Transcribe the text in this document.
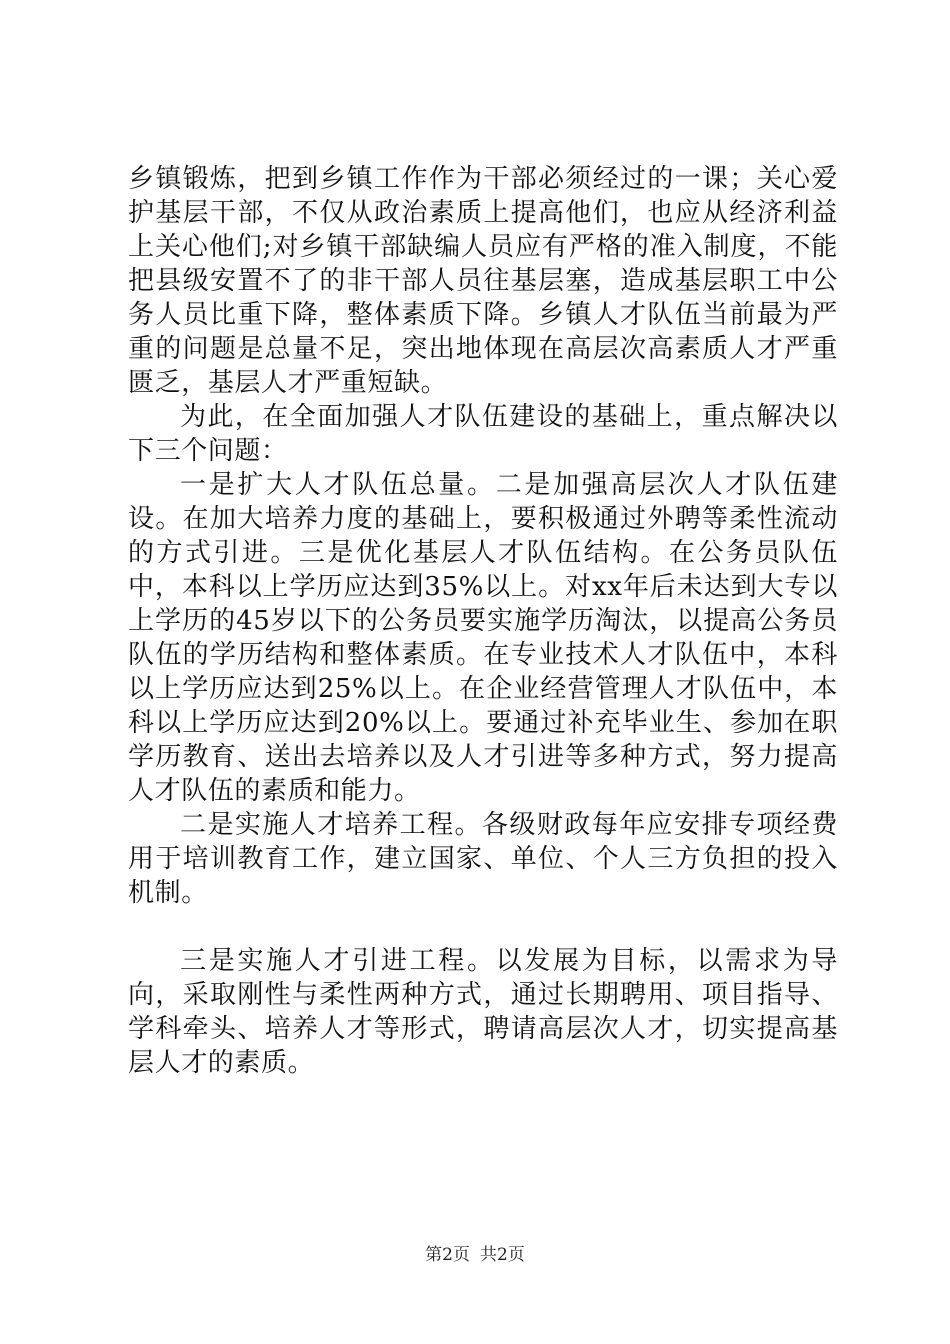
乡镇锻炼，把到乡镇工作作为干部必须经过的一课；关心爱护基层干部，不仅从政治素质上提高他们，也应从经济利益上关心他们;对乡镇干部缺编人员应有严格的准入制度，不能把县级安置不了的非干部人员往基层塞，造成基层职工中公务人员比重下降，整体素质下降。乡镇人才队伍当前最为严重的问题是总量不足，突出地体现在高层次高素质人才严重匮乏，基层人才严重短缺。

为此，在全面加强人才队伍建设的基础上，重点解决以下三个问题：

一是扩大人才队伍总量。二是加强高层次人才队伍建设。在加大培养力度的基础上，要积极通过外聘等柔性流动的方式引进。三是优化基层人才队伍结构。在公务员队伍中，本科以上学历应达到35%以上。对xx年后未达到大专以上学历的45岁以下的公务员要实施学历淘汰，以提高公务员队伍的学历结构和整体素质。在专业技术人才队伍中，本科以上学历应达到25%以上。在企业经营管理人才队伍中，本科以上学历应达到20%以上。要通过补充毕业生、参加在职学历教育、送出去培养以及人才引进等多种方式，努力提高人才队伍的素质和能力。

二是实施人才培养工程。各级财政每年应安排专项经费用于培训教育工作，建立国家、单位、个人三方负担的投入机制。

三是实施人才引进工程。以发展为目标，以需求为导向，采取刚性与柔性两种方式，通过长期聘用、项目指导、学科牵头、培养人才等形式，聘请高层次人才，切实提高基层人才的素质。

第2页 共2页
